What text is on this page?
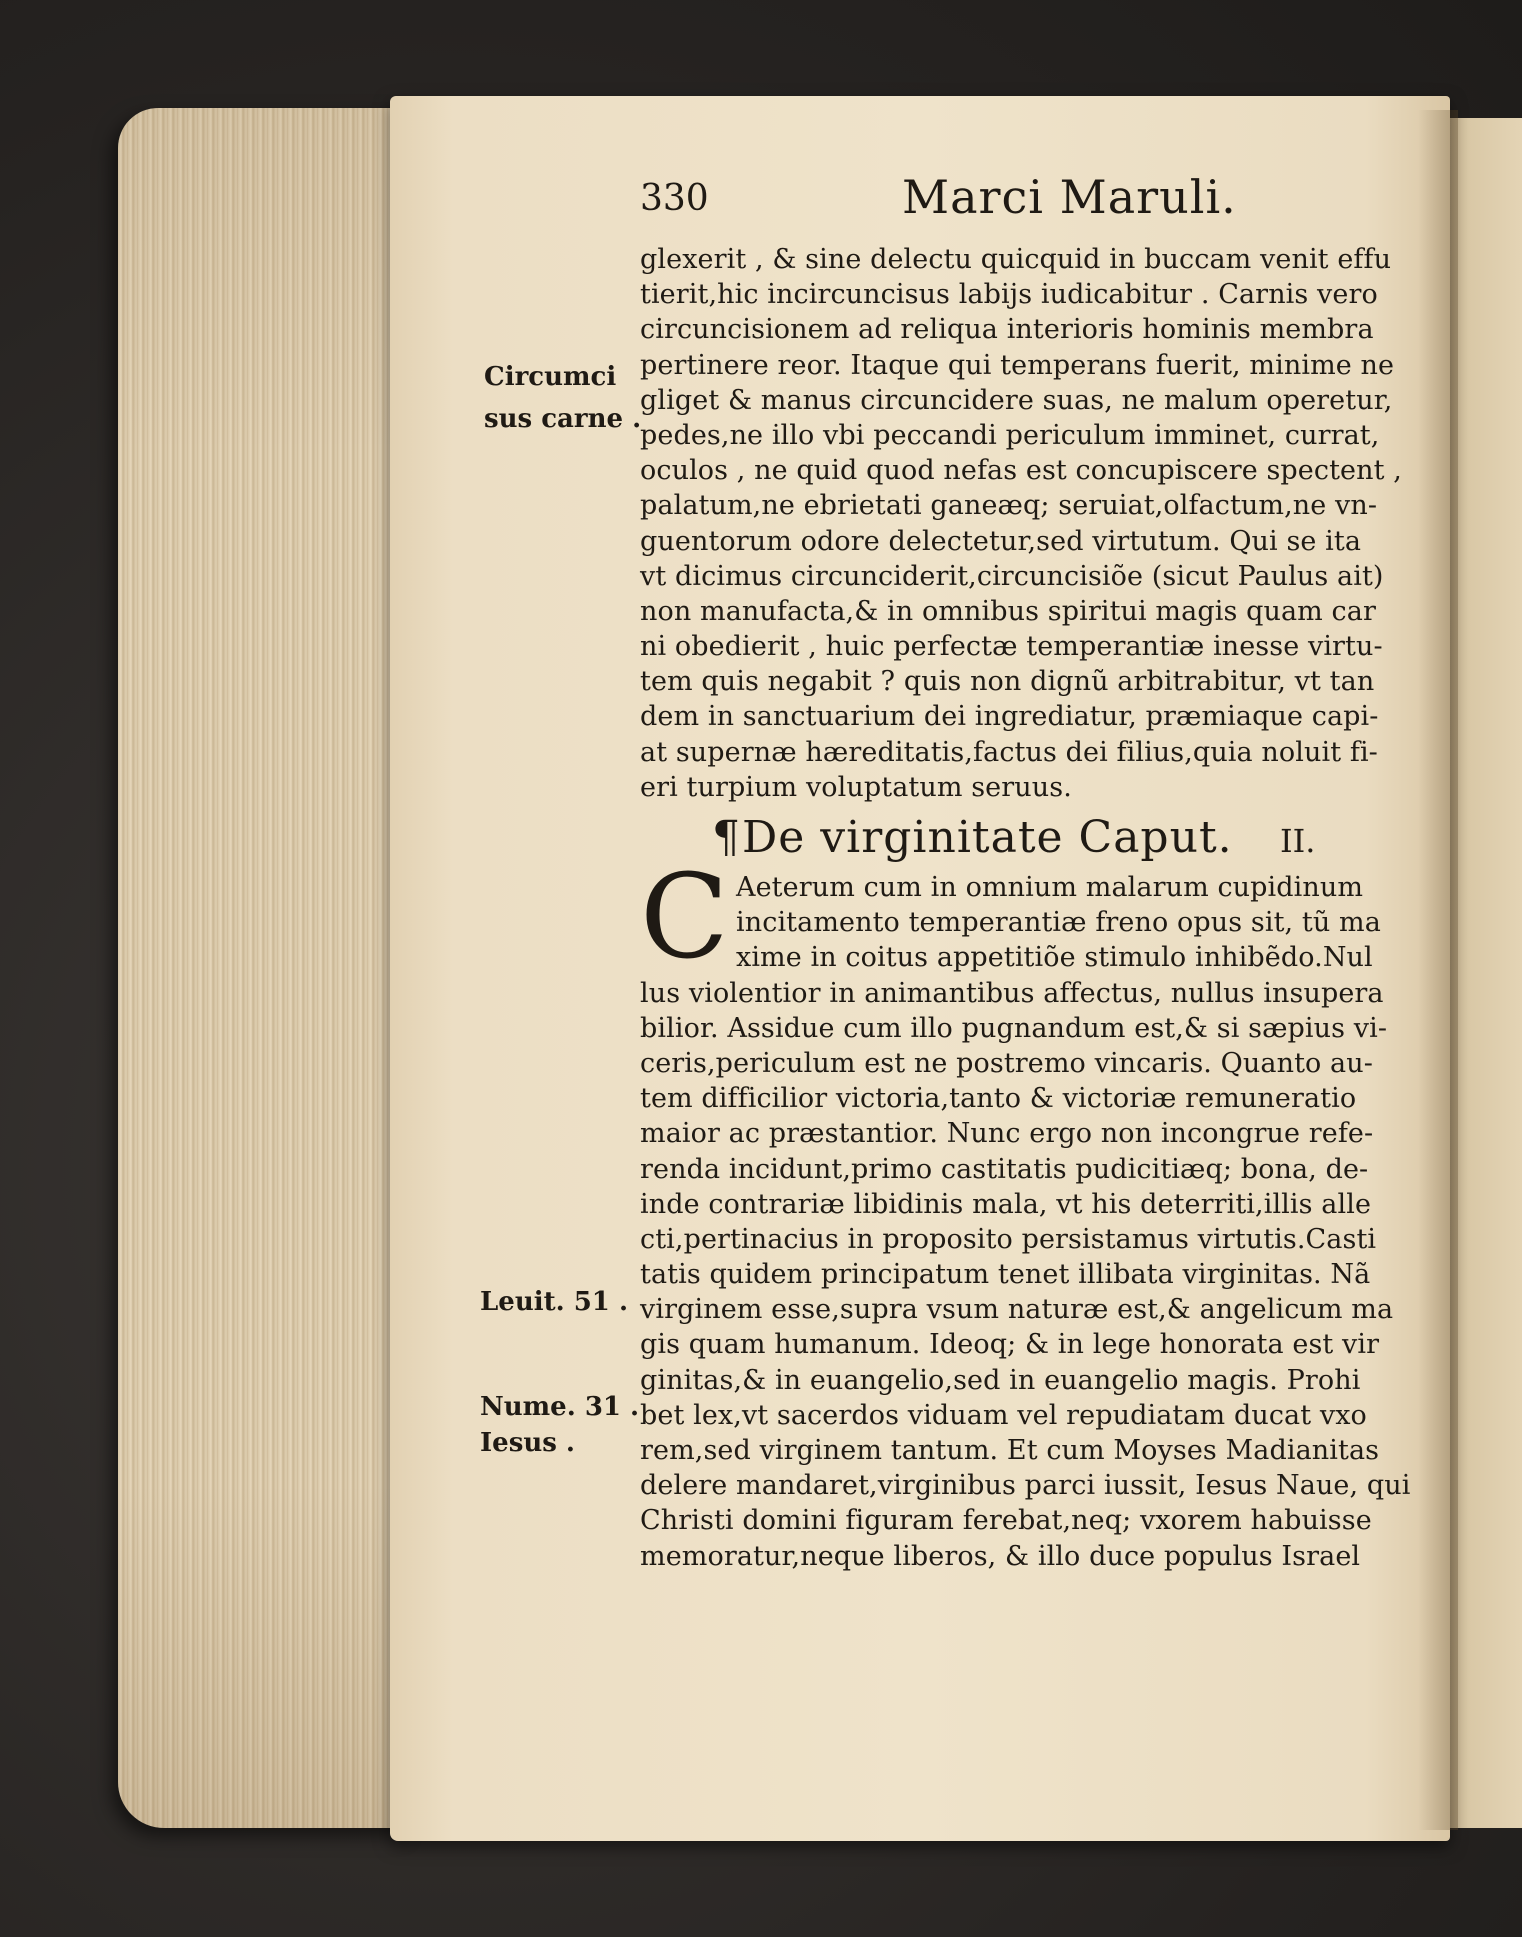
330	Marci Maruli.
glexerit , & sine delectu quicquid in buccam venit effu
tierit,hic incircuncisus labijs iudicabitur . Carnis vero
circuncisionem ad reliqua interioris hominis membra
pertinere reor. Itaque qui temperans fuerit, minime ne
gliget & manus circuncidere suas, ne malum operetur,
pedes,ne illo vbi peccandi periculum imminet, currat,
oculos , ne quid quod nefas est concupiscere spectent ,
palatum,ne ebrietati ganeæq; seruiat,olfactum,ne vn-
guentorum odore delectetur,sed virtutum. Qui se ita
vt dicimus circunciderit,circuncisiõe (sicut Paulus ait)
non manufacta,& in omnibus spiritui magis quam car
ni obedierit , huic perfectæ temperantiæ inesse virtu-
tem quis negabit ? quis non dignũ arbitrabitur, vt tan
dem in sanctuarium dei ingrediatur, præmiaque capi-
at supernæ hæreditatis,factus dei filius,quia noluit fi-
eri turpium voluptatum seruus.
¶ De virginitate Caput. II.
C Aeterum cum in omnium malarum cupidinum
incitamento temperantiæ freno opus sit, tũ ma
xime in coitus appetitiõe stimulo inhibẽdo.Nul
lus violentior in animantibus affectus, nullus insupera
bilior. Assidue cum illo pugnandum est,& si sæpius vi-
ceris,periculum est ne postremo vincaris. Quanto au-
tem difficilior victoria,tanto & victoriæ remuneratio
maior ac præstantior. Nunc ergo non incongrue refe-
renda incidunt,primo castitatis pudicitiæq; bona, de-
inde contrariæ libidinis mala, vt his deterriti,illis alle
cti,pertinacius in proposito persistamus virtutis.Casti
tatis quidem principatum tenet illibata virginitas. Nã
virginem esse,supra vsum naturæ est,& angelicum ma
gis quam humanum. Ideoq; & in lege honorata est vir
ginitas,& in euangelio,sed in euangelio magis. Prohi
bet lex,vt sacerdos viduam vel repudiatam ducat vxo
rem,sed virginem tantum. Et cum Moyses Madianitas
delere mandaret,virginibus parci iussit, Iesus Naue, qui
Christi domini figuram ferebat,neq; vxorem habuisse
memoratur,neque liberos, & illo duce populus Israel
Circumci
sus carne .
Leuit. 51 .
Nume. 31 .
Iesus .
